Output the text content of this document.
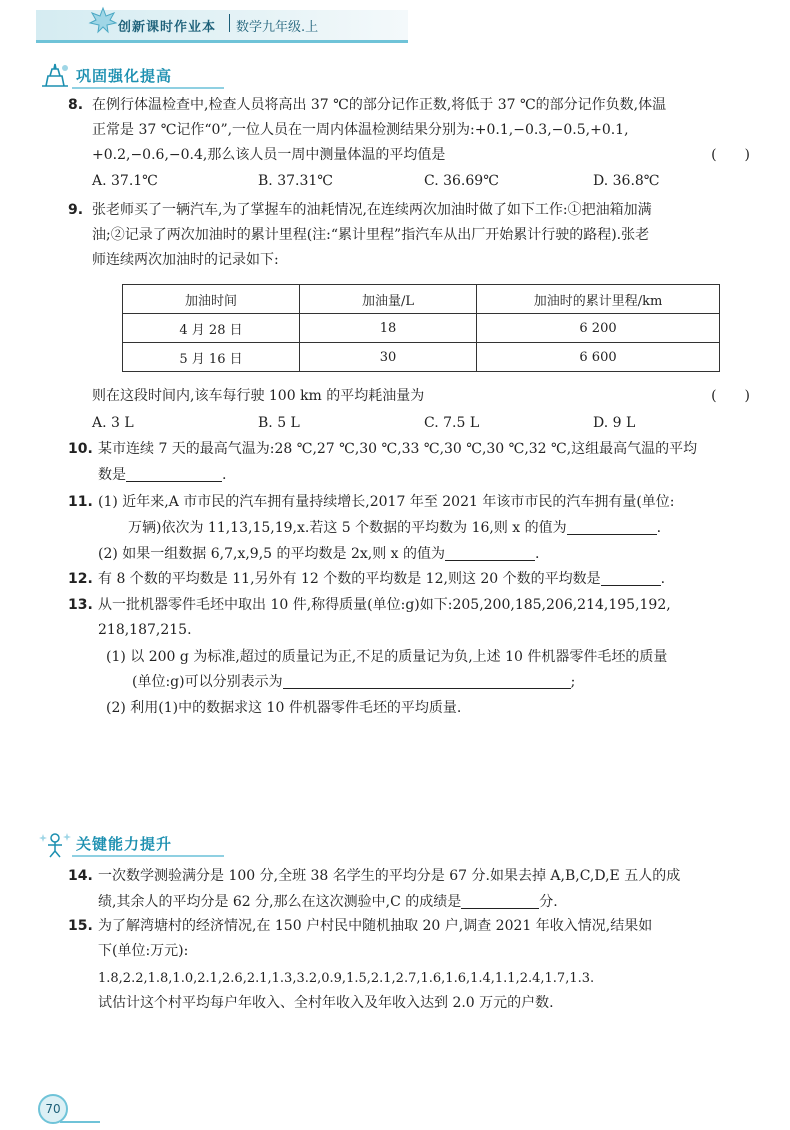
创新课时作业本 数学九年级.上
巩固强化提高
8. 在例行体温检查中,检查人员将高出 37 ℃的部分记作正数,将低于 37 ℃的部分记作负数,体温
正常是 37 ℃记作“0”,一位人员在一周内体温检测结果分别为:+0.1,−0.3,−0.5,+0.1,
+0.2,−0.6,−0.4,那么该人员一周中测量体温的平均值是	(　　)
A. 37.1℃	B. 37.31℃	C. 36.69℃	D. 36.8℃
9. 张老师买了一辆汽车,为了掌握车的油耗情况,在连续两次加油时做了如下工作:①把油箱加满
油;②记录了两次加油时的累计里程(注:“累计里程”指汽车从出厂开始累计行驶的路程).张老
师连续两次加油时的记录如下:
加油时间	加油量/L	加油时的累计里程/km
4 月 28 日	18	6 200
5 月 16 日	30	6 600
则在这段时间内,该车每行驶 100 km 的平均耗油量为	(　　)
A. 3 L	B. 5 L	C. 7.5 L	D. 9 L
10. 某市连续 7 天的最高气温为:28 ℃,27 ℃,30 ℃,33 ℃,30 ℃,30 ℃,32 ℃,这组最高气温的平均
数是	.
11. (1) 近年来,A 市市民的汽车拥有量持续增长,2017 年至 2021 年该市市民的汽车拥有量(单位:
万辆)依次为 11,13,15,19,x.若这 5 个数据的平均数为 16,则 x 的值为	.
(2) 如果一组数据 6,7,x,9,5 的平均数是 2x,则 x 的值为	.
12. 有 8 个数的平均数是 11,另外有 12 个数的平均数是 12,则这 20 个数的平均数是	.
13. 从一批机器零件毛坯中取出 10 件,称得质量(单位:g)如下:205,200,185,206,214,195,192,
218,187,215.
(1) 以 200 g 为标准,超过的质量记为正,不足的质量记为负,上述 10 件机器零件毛坯的质量
(单位:g)可以分别表示为	;
(2) 利用(1)中的数据求这 10 件机器零件毛坯的平均质量.
关键能力提升
14. 一次数学测验满分是 100 分,全班 38 名学生的平均分是 67 分.如果去掉 A,B,C,D,E 五人的成
绩,其余人的平均分是 62 分,那么在这次测验中,C 的成绩是	分.
15. 为了解湾塘村的经济情况,在 150 户村民中随机抽取 20 户,调查 2021 年收入情况,结果如
下(单位:万元):
1.8,2.2,1.8,1.0,2.1,2.6,2.1,1.3,3.2,0.9,1.5,2.1,2.7,1.6,1.6,1.4,1.1,2.4,1.7,1.3.
试估计这个村平均每户年收入、全村年收入及年收入达到 2.0 万元的户数.
70
